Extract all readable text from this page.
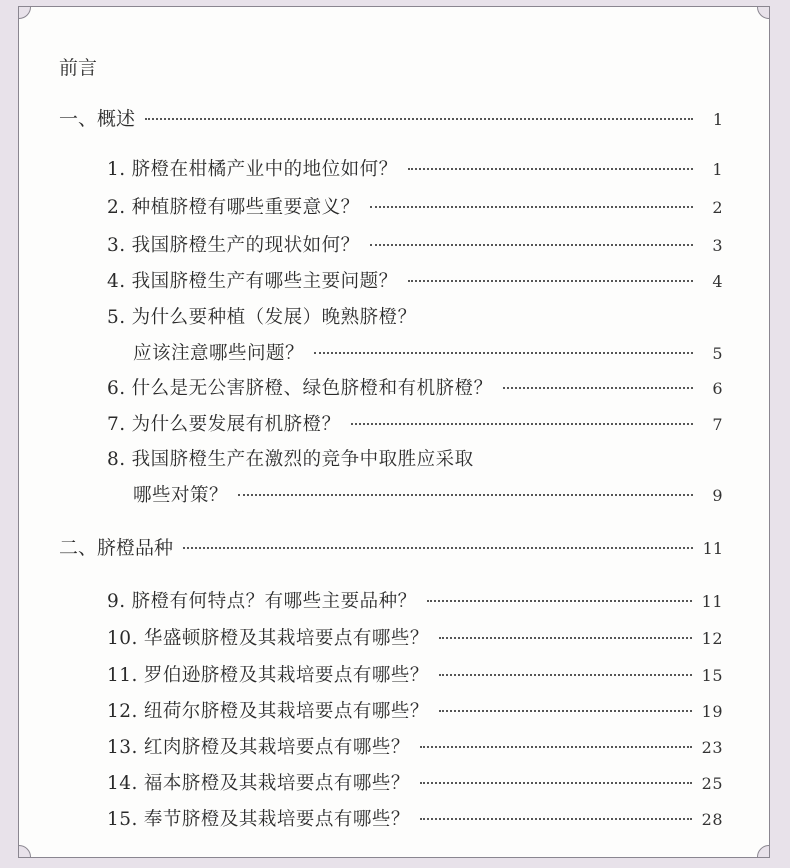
前言
一、概述	1
1. 脐橙在柑橘产业中的地位如何？	1
2. 种植脐橙有哪些重要意义？	2
3. 我国脐橙生产的现状如何？	3
4. 我国脐橙生产有哪些主要问题？	4
5. 为什么要种植（发展）晚熟脐橙？
应该注意哪些问题？	5
6. 什么是无公害脐橙、绿色脐橙和有机脐橙？	6
7. 为什么要发展有机脐橙？	7
8. 我国脐橙生产在激烈的竞争中取胜应采取
哪些对策？	9
二、脐橙品种	11
9. 脐橙有何特点？有哪些主要品种？	11
10. 华盛顿脐橙及其栽培要点有哪些？	12
11. 罗伯逊脐橙及其栽培要点有哪些？	15
12. 纽荷尔脐橙及其栽培要点有哪些？	19
13. 红肉脐橙及其栽培要点有哪些？	23
14. 福本脐橙及其栽培要点有哪些？	25
15. 奉节脐橙及其栽培要点有哪些？	28
